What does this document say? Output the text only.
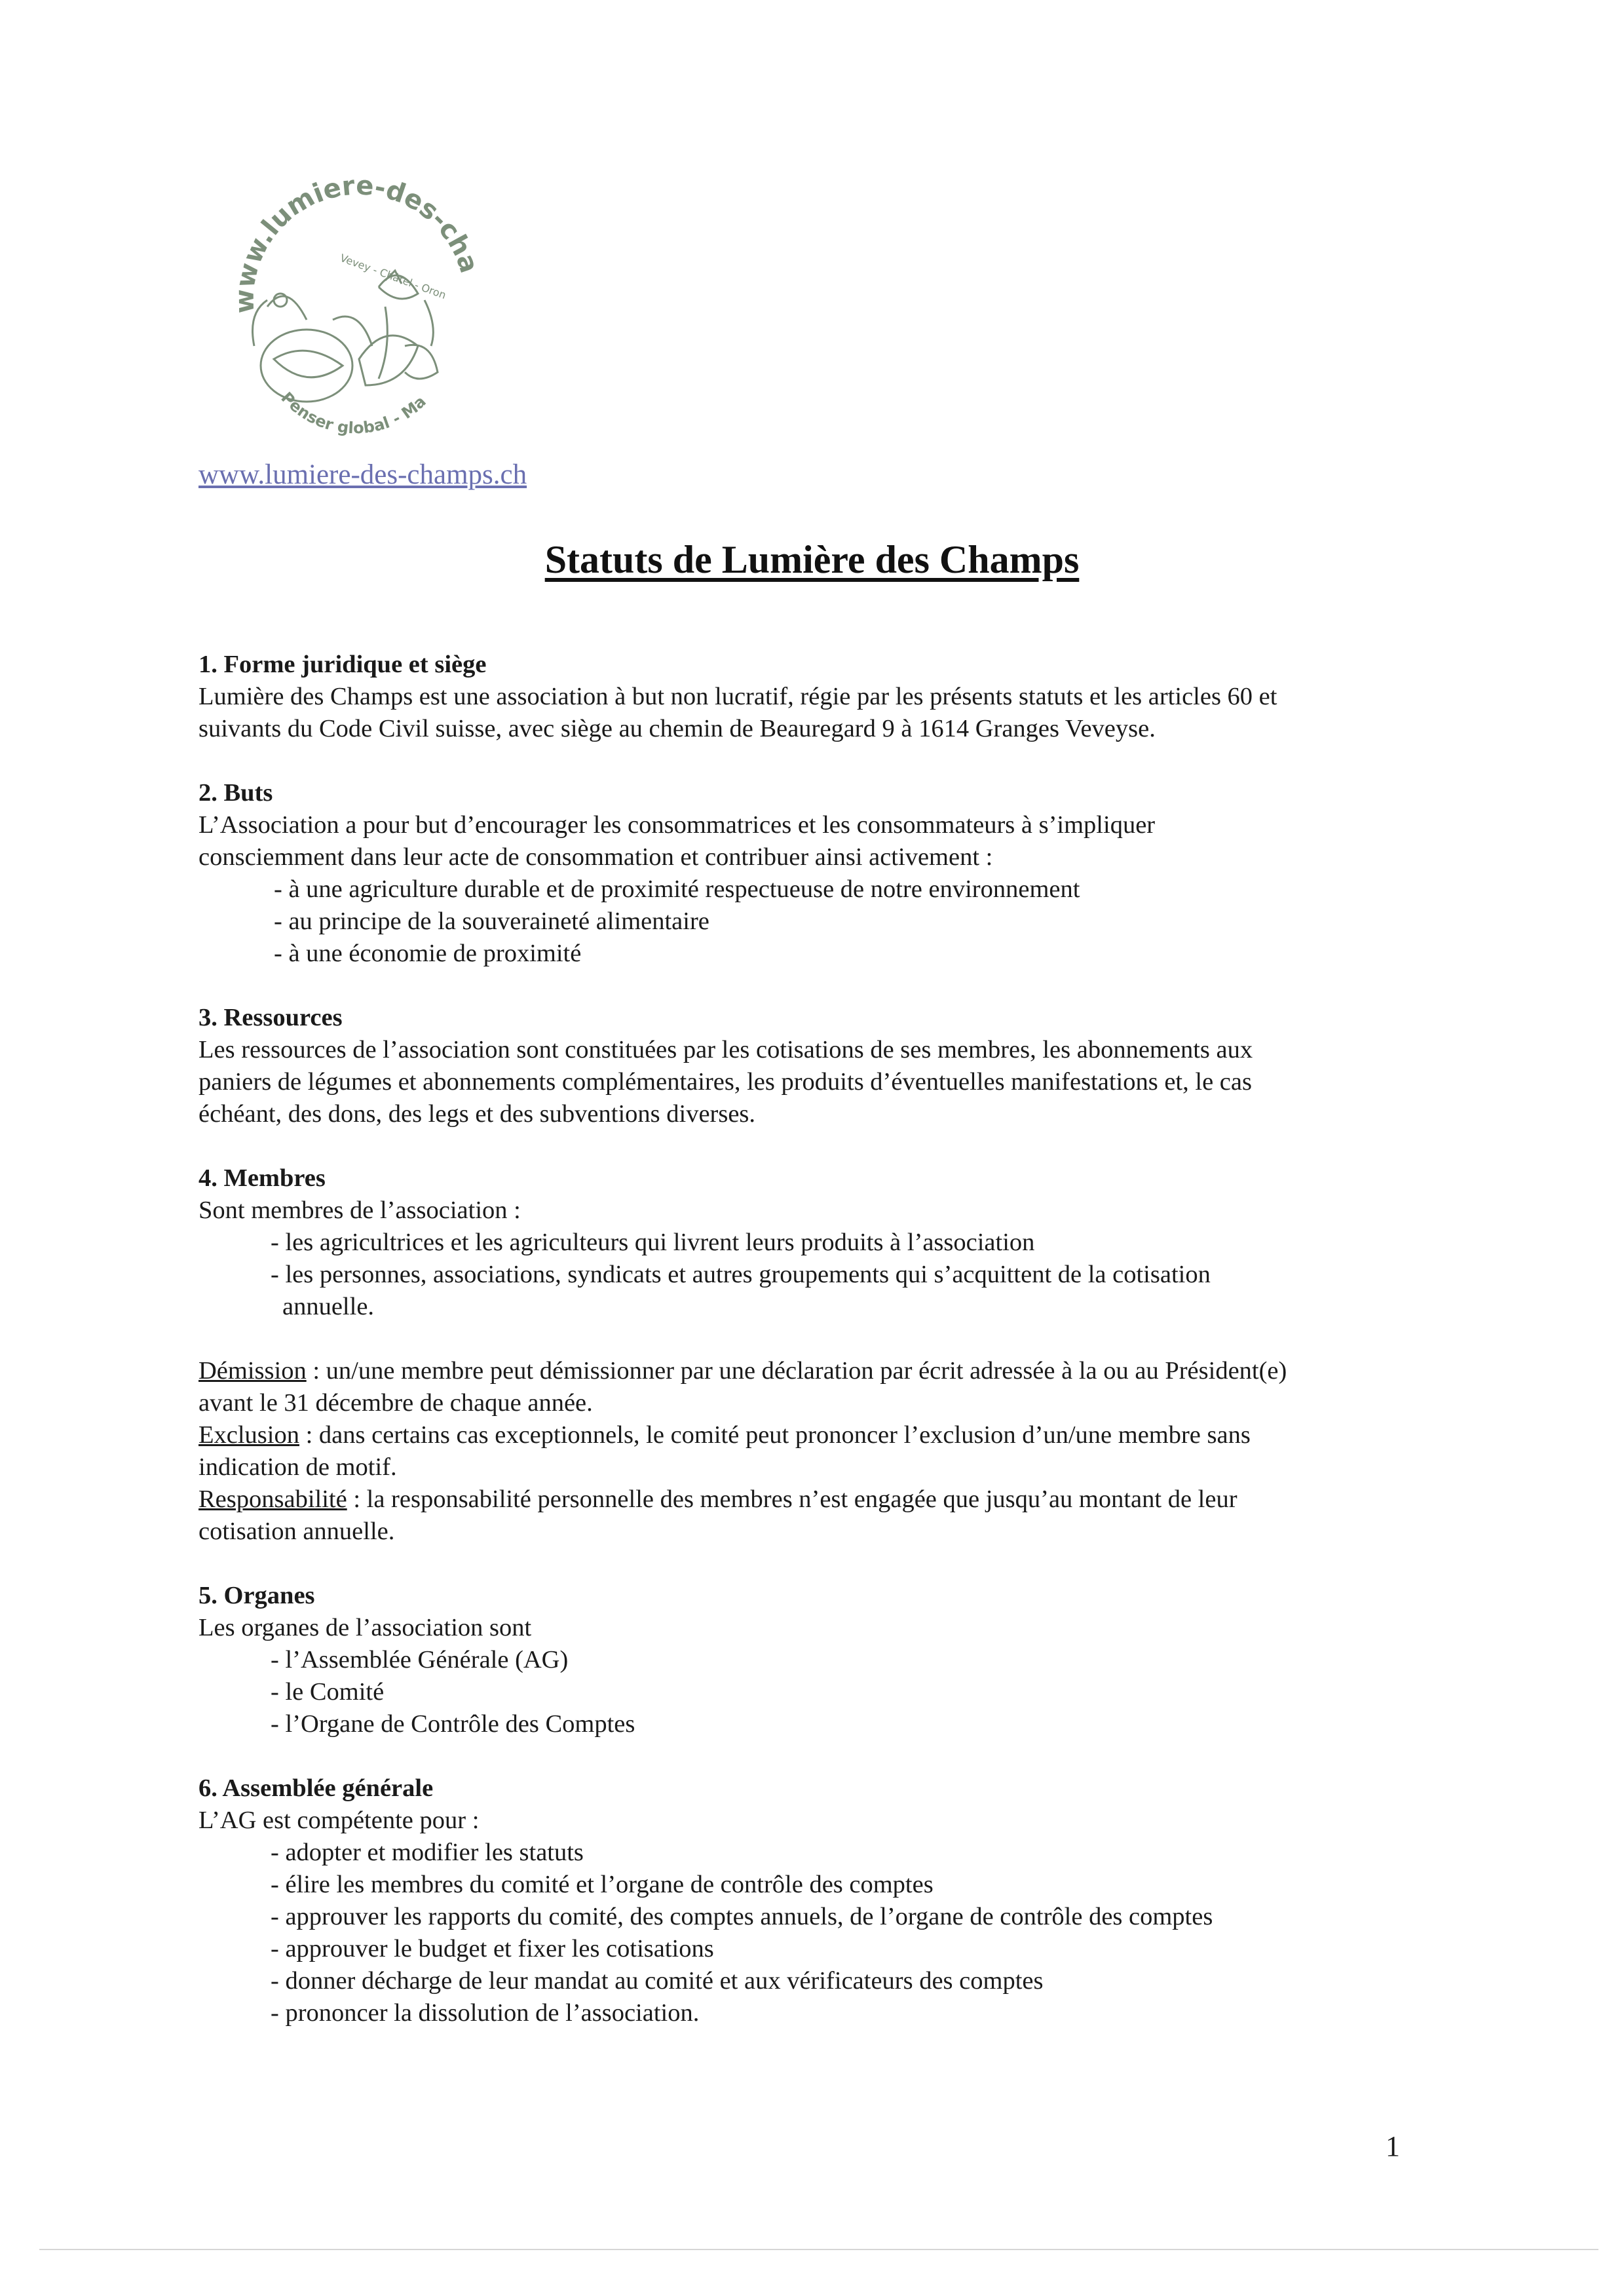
www.lumiere-des-cha
Vevey - Châtel - Oron
Penser global - Ma
www.lumiere-des-champs.ch
Statuts de Lumière des Champs
1. Forme juridique et siège

Lumière des Champs est une association à but non lucratif, régie par les présents statuts et les articles 60 et

suivants du Code Civil suisse, avec siège au chemin de Beauregard 9 à 1614 Granges Veveyse.

2. Buts

L’Association a pour but d’encourager les consommatrices et les consommateurs à s’impliquer

consciemment dans leur acte de consommation et contribuer ainsi activement :

- à une agriculture durable et de proximité respectueuse de notre environnement
- au principe de la souveraineté alimentaire
- à une économie de proximité
3. Ressources

Les ressources de l’association sont constituées par les cotisations de ses membres, les abonnements aux

paniers de légumes et abonnements complémentaires, les produits d’éventuelles manifestations et, le cas

échéant, des dons, des legs et des subventions diverses.

4. Membres

Sont membres de l’association :

- les agricultrices et les agriculteurs qui livrent leurs produits à l’association
- les personnes, associations, syndicats et autres groupements qui s’acquittent de la cotisation
annuelle.

Démission : un/une membre peut démissionner par une déclaration par écrit adressée à la ou au Président(e)

avant le 31 décembre de chaque année.

Exclusion : dans certains cas exceptionnels, le comité peut prononcer l’exclusion d’un/une membre sans

indication de motif.

Responsabilité : la responsabilité personnelle des membres n’est engagée que jusqu’au montant de leur

cotisation annuelle.

5. Organes

Les organes de l’association sont

- l’Assemblée Générale (AG)
- le Comité
- l’Organe de Contrôle des Comptes
6. Assemblée générale

L’AG est compétente pour :

- adopter et modifier les statuts
- élire les membres du comité et l’organe de contrôle des comptes
- approuver les rapports du comité, des comptes annuels, de l’organe de contrôle des comptes
- approuver le budget et fixer les cotisations
- donner décharge de leur mandat au comité et aux vérificateurs des comptes
- prononcer la dissolution de l’association.
1
